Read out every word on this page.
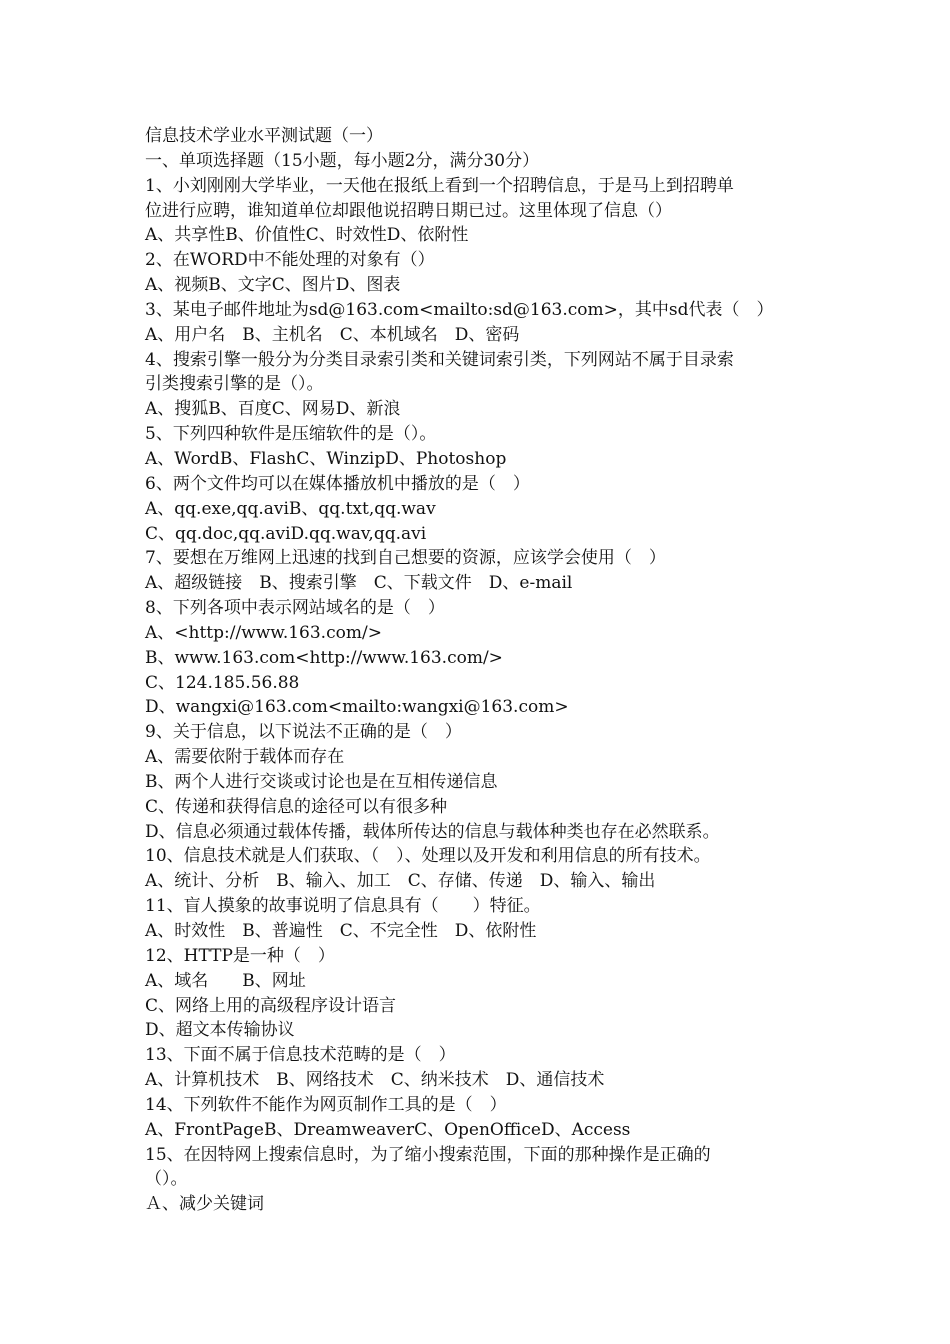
信息技术学业水平测试题（一）
一、单项选择题（15小题，每小题2分，满分30分）
1、小刘刚刚大学毕业，一天他在报纸上看到一个招聘信息，于是马上到招聘单
位进行应聘，谁知道单位却跟他说招聘日期已过。这里体现了信息（）
A、共享性B、价值性C、时效性D、依附性
2、在WORD中不能处理的对象有（）
A、视频B、文字C、图片D、图表
3、某电子邮件地址为sd@163.com<mailto:sd@163.com>，其中sd代表（　）
A、用户名　B、主机名　C、本机域名　D、密码
4、搜索引擎一般分为分类目录索引类和关键词索引类，下列网站不属于目录索
引类搜索引擎的是（）。
A、搜狐B、百度C、网易D、新浪
5、下列四种软件是压缩软件的是（）。
A、WordB、FlashC、WinzipD、Photoshop
6、两个文件均可以在媒体播放机中播放的是（　）
A、qq.exe,qq.aviB、qq.txt,qq.wav
C、qq.doc,qq.aviD.qq.wav,qq.avi
7、要想在万维网上迅速的找到自己想要的资源，应该学会使用（　）
A、超级链接　B、搜索引擎　C、下载文件　D、e-mail
8、下列各项中表示网站域名的是（　）
A、<http://www.163.com/>
B、www.163.com<http://www.163.com/>
C、124.185.56.88
D、wangxi@163.com<mailto:wangxi@163.com>
9、关于信息，以下说法不正确的是（　）
A、需要依附于载体而存在
B、两个人进行交谈或讨论也是在互相传递信息
C、传递和获得信息的途径可以有很多种
D、信息必须通过载体传播，载体所传达的信息与载体种类也存在必然联系。
10、信息技术就是人们获取、（　）、处理以及开发和利用信息的所有技术。
A、统计、分析　B、输入、加工　C、存储、传递　D、输入、输出
11、盲人摸象的故事说明了信息具有（　　）特征。
A、时效性　B、普遍性　C、不完全性　D、依附性
12、HTTP是一种（　）
A、域名　　B、网址
C、网络上用的高级程序设计语言
D、超文本传输协议
13、下面不属于信息技术范畴的是（　）
A、计算机技术　B、网络技术　C、纳米技术　D、通信技术
14、下列软件不能作为网页制作工具的是（　）
A、FrontPageB、DreamweaverC、OpenOfficeD、Access
15、在因特网上搜索信息时，为了缩小搜索范围，下面的那种操作是正确的
（）。
Ａ、减少关键词
